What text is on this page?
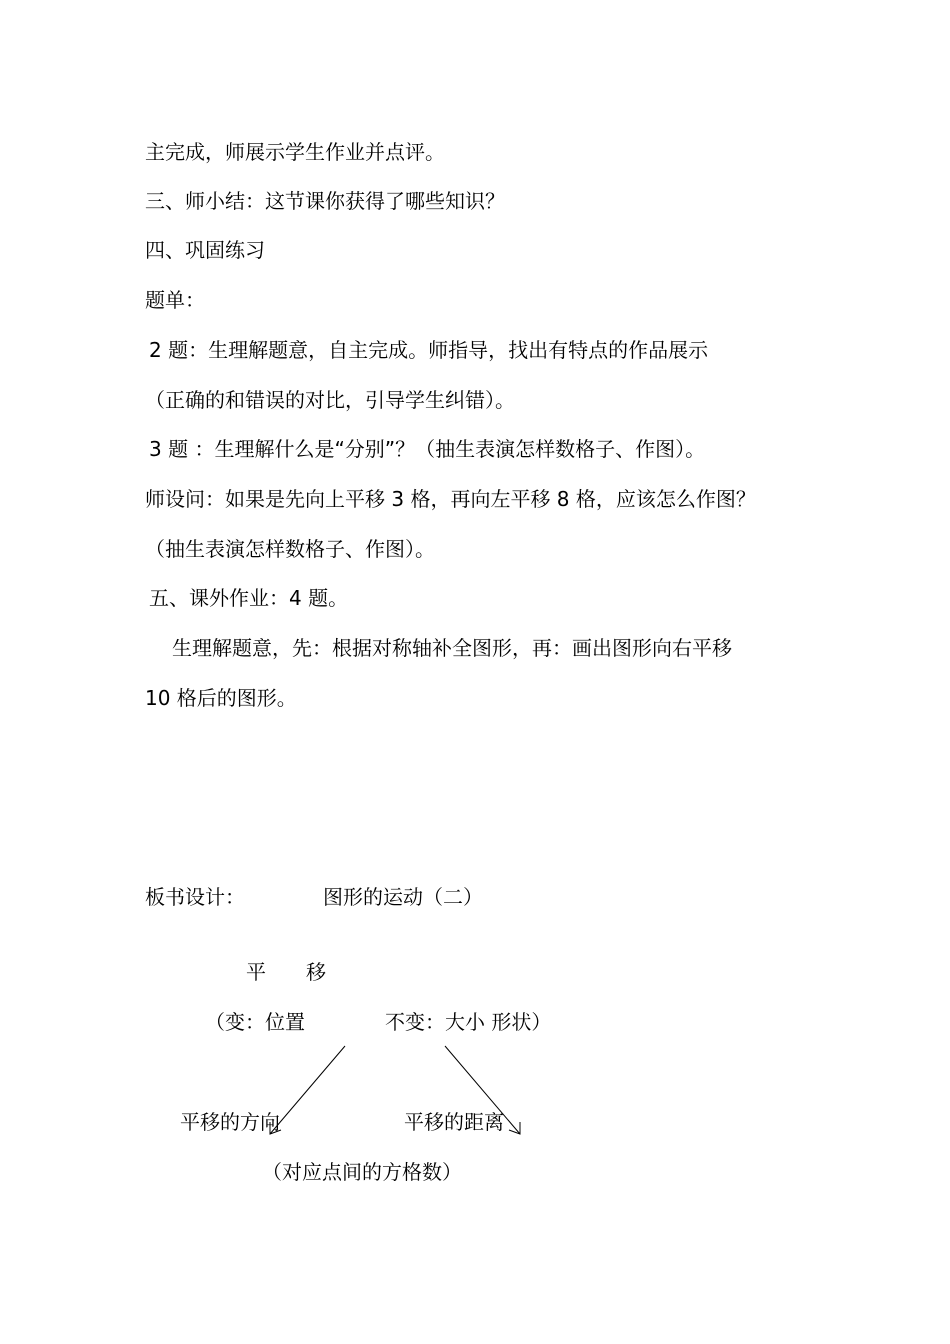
主完成，师展示学生作业并点评。
三、师小结：这节课你获得了哪些知识？
四、巩固练习
题单：
2 题：生理解题意，自主完成。师指导，找出有特点的作品展示
（正确的和错误的对比，引导学生纠错）。
3 题 ：生理解什么是“分别”？（抽生表演怎样数格子、作图）。
师设问：如果是先向上平移 3 格，再向左平移 8 格，应该怎么作图？
（抽生表演怎样数格子、作图）。
五、课外作业：4 题。
生理解题意，先：根据对称轴补全图形，再：画出图形向右平移
10 格后的图形。
板书设计：	图形的运动（二）
平　　移
（变：位置	不变：大小 形状）
平移的方向	平移的距离
（对应点间的方格数）
